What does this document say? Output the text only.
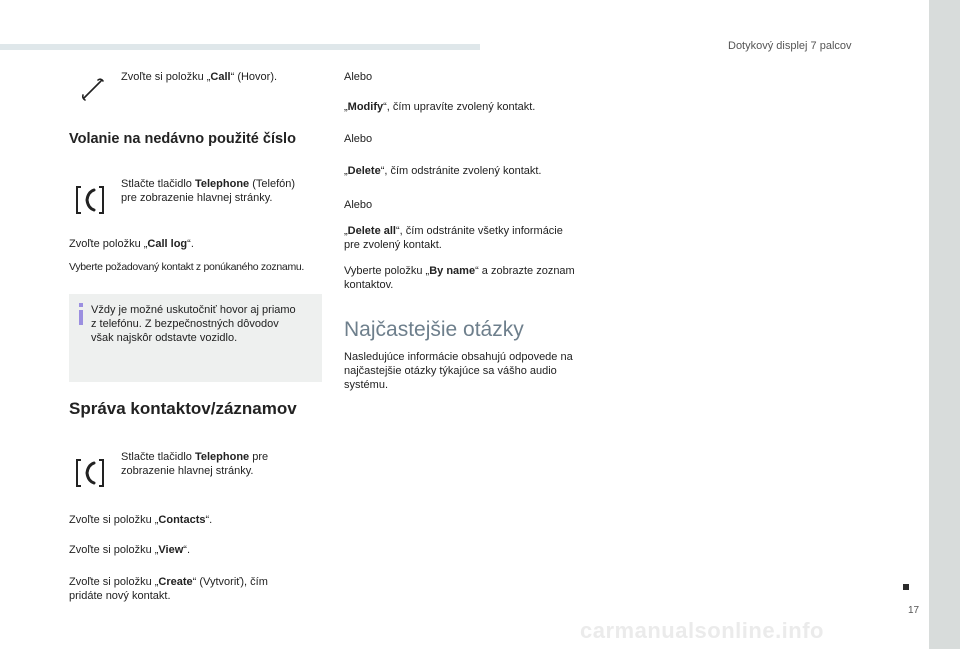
Dotykový displej 7 palcov
17
Zvoľte si položku „Call“ (Hovor).
Volanie na nedávno použité číslo
Stlačte tlačidlo Telephone (Telefón)
pre zobrazenie hlavnej stránky.
Zvoľte položku „Call log“.
Vyberte požadovaný kontakt z ponúkaného zoznamu.
Vždy je možné uskutočniť hovor aj priamo
z telefónu. Z bezpečnostných dôvodov
však najskôr odstavte vozidlo.
Správa kontaktov/záznamov
Stlačte tlačidlo Telephone pre
zobrazenie hlavnej stránky.
Zvoľte si položku „Contacts“.
Zvoľte si položku „View“.
Zvoľte si položku „Create“ (Vytvoriť), čím
pridáte nový kontakt.
Alebo
„Modify“, čím upravíte zvolený kontakt.
Alebo
„Delete“, čím odstránite zvolený kontakt.
Alebo
„Delete all“, čím odstránite všetky informácie
pre zvolený kontakt.
Vyberte položku „By name“ a zobrazte zoznam
kontaktov.
Najčastejšie otázky
Nasledujúce informácie obsahujú odpovede na
najčastejšie otázky týkajúce sa vášho audio
systému.
carmanualsonline.info
